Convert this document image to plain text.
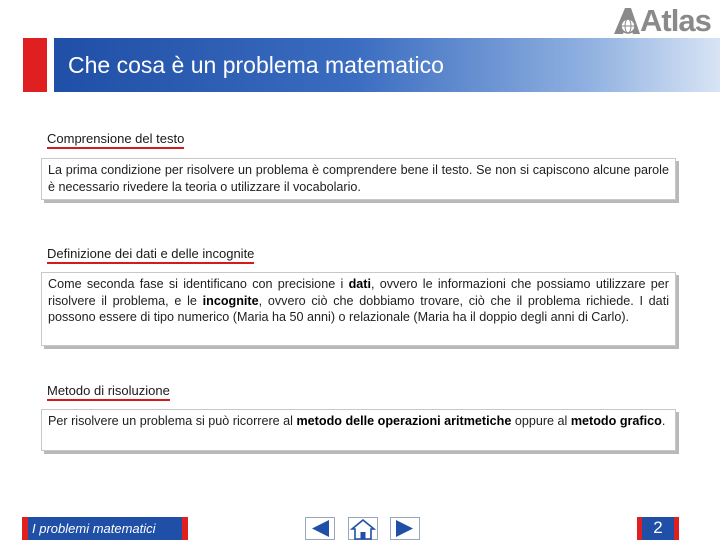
Atlas
Che cosa è un problema matematico
Comprensione del testo
La prima condizione per risolvere un problema è comprendere bene il testo. Se non si capiscono alcune parole è necessario rivedere la teoria o utilizzare il vocabolario.
Definizione dei dati e delle incognite
Come seconda fase si identificano con precisione i dati, ovvero le informazioni che possiamo utilizzare per risolvere il problema, e le incognite, ovvero ciò che dobbiamo trovare, ciò che il problema richiede. I dati possono essere di tipo numerico (Maria ha 50 anni) o relazionale (Maria ha il doppio degli anni di Carlo).
Metodo di risoluzione
Per risolvere un problema si può ricorrere al metodo delle operazioni aritmetiche oppure al metodo grafico.
I problemi matematici	2
